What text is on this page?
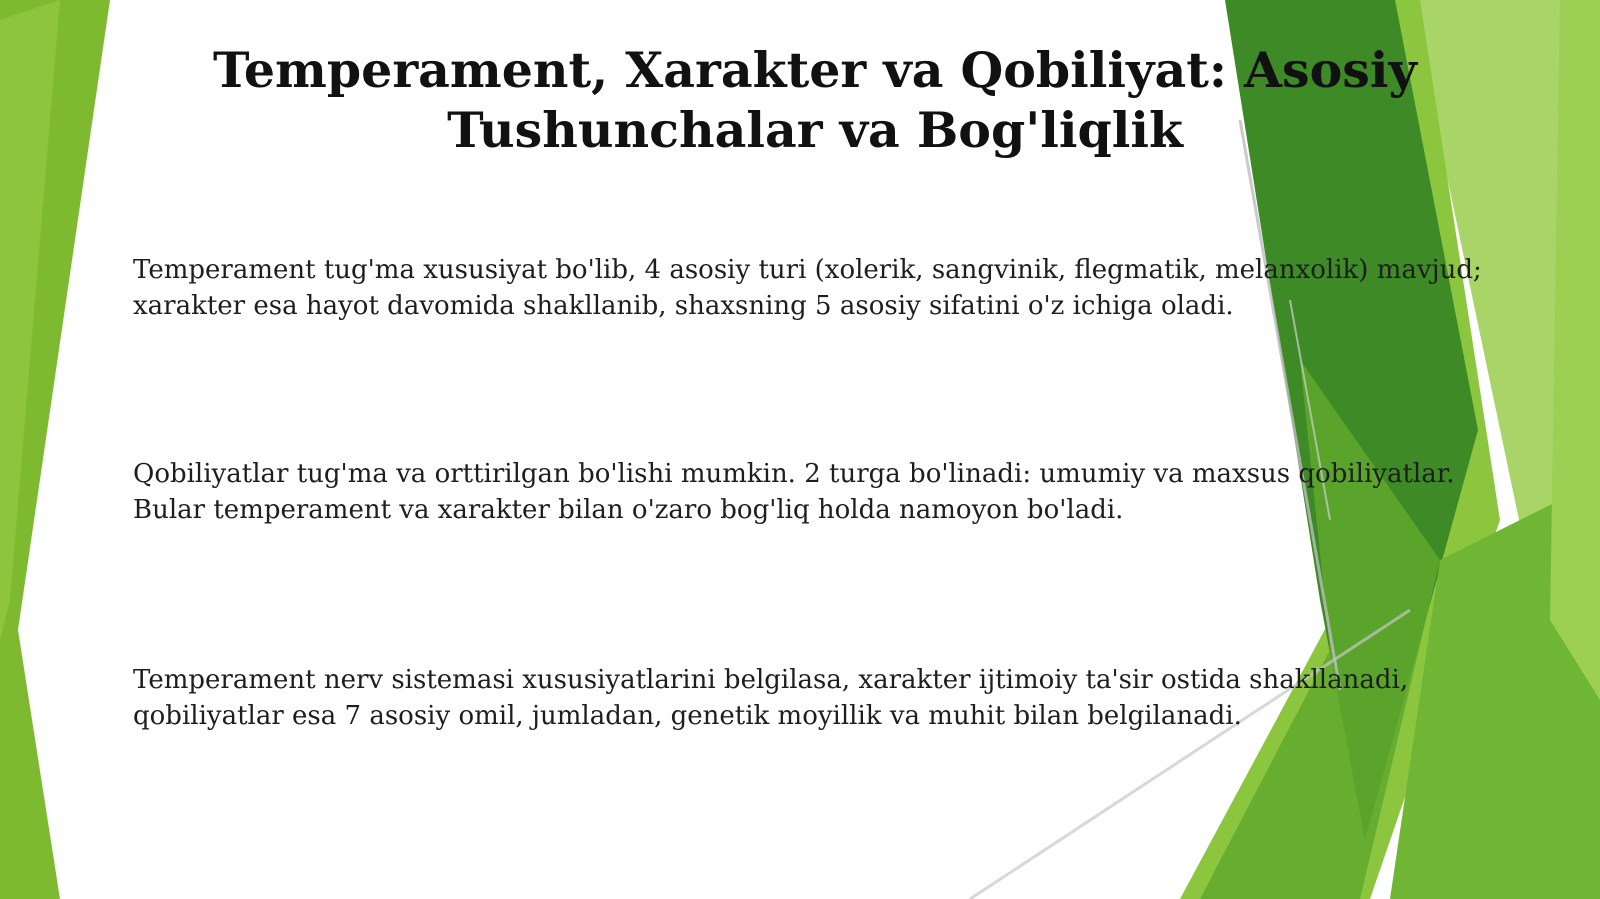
Temperament, Xarakter va Qobiliyat: Asosiy Tushunchalar va Bog'liqlik

Temperament tug'ma xususiyat bo'lib, 4 asosiy turi (xolerik, sangvinik, flegmatik, melanxolik) mavjud; xarakter esa hayot davomida shakllanib, shaxsning 5 asosiy sifatini o'z ichiga oladi.

Qobiliyatlar tug'ma va orttirilgan bo'lishi mumkin. 2 turga bo'linadi: umumiy va maxsus qobiliyatlar. Bular temperament va xarakter bilan o'zaro bog'liq holda namoyon bo'ladi.

Temperament nerv sistemasi xususiyatlarini belgilasa, xarakter ijtimoiy ta'sir ostida shakllanadi, qobiliyatlar esa 7 asosiy omil, jumladan, genetik moyillik va muhit bilan belgilanadi.
